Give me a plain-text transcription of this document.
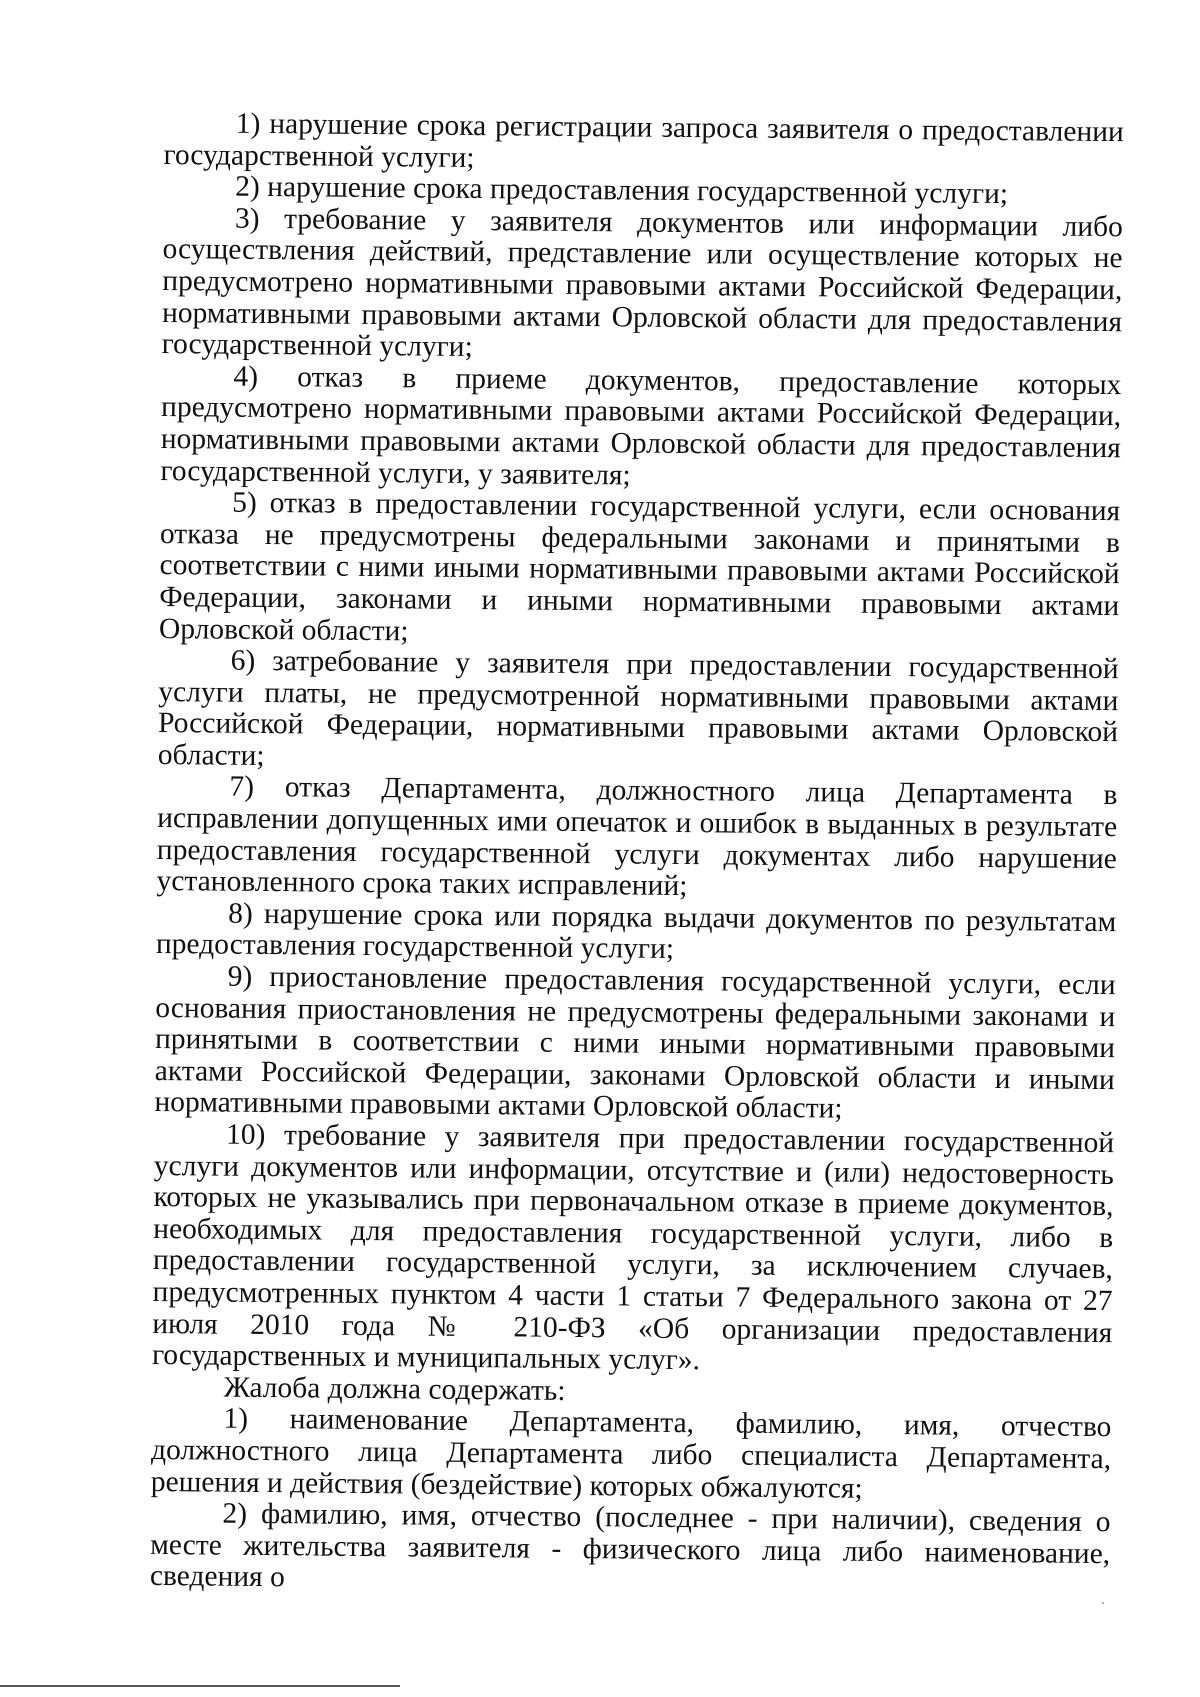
1) нарушение срока регистрации запроса заявителя о предоставлении государственной услуги;

2) нарушение срока предоставления государственной услуги;

3) требование у заявителя документов или информации либо осуществления действий, представление или осуществление которых не предусмотрено нормативными правовыми актами Российской Федерации, нормативными правовыми актами Орловской области для предоставления государственной услуги;

4) отказ в приеме документов, предоставление которых предусмотрено нормативными правовыми актами Российской Федерации, нормативными правовыми актами Орловской области для предоставления государственной услуги, у заявителя;

5) отказ в предоставлении государственной услуги, если основания отказа не предусмотрены федеральными законами и принятыми в соответствии с ними иными нормативными правовыми актами Российской Федерации, законами и иными нормативными правовыми актами Орловской области;

6) затребование у заявителя при предоставлении государственной услуги платы, не предусмотренной нормативными правовыми актами Российской Федерации, нормативными правовыми актами Орловской области;

7) отказ Департамента, должностного лица Департамента в исправлении допущенных ими опечаток и ошибок в выданных в результате предоставления государственной услуги документах либо нарушение установленного срока таких исправлений;

8) нарушение срока или порядка выдачи документов по результатам предоставления государственной услуги;

9) приостановление предоставления государственной услуги, если основания приостановления не предусмотрены федеральными законами и принятыми в соответствии с ними иными нормативными правовыми актами Российской Федерации, законами Орловской области и иными нормативными правовыми актами Орловской области;

10) требование у заявителя при предоставлении государственной услуги документов или информации, отсутствие и (или) недостоверность которых не указывались при первоначальном отказе в приеме документов, необходимых для предоставления государственной услуги, либо в предоставлении государственной услуги, за исключением случаев, предусмотренных пунктом 4 части 1 статьи 7 Федерального закона от 27 июля 2010 года № 210-ФЗ «Об организации предоставления государственных и муниципальных услуг».

Жалоба должна содержать:

1) наименование Департамента, фамилию, имя, отчество должностного лица Департамента либо специалиста Департамента, решения и действия (бездействие) которых обжалуются;

2) фамилию, имя, отчество (последнее - при наличии), сведения о месте жительства заявителя - физического лица либо наименование, сведения о
